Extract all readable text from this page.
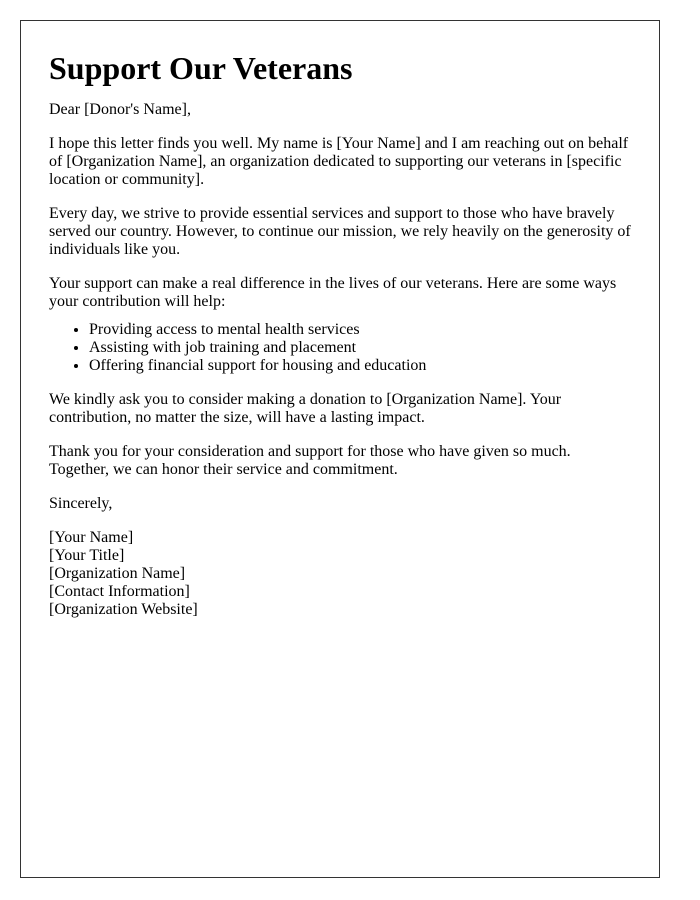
Support Our Veterans

Dear [Donor's Name],

I hope this letter finds you well. My name is [Your Name] and I am reaching out on behalf of [Organization Name], an organization dedicated to supporting our veterans in [specific location or community].

Every day, we strive to provide essential services and support to those who have bravely served our country. However, to continue our mission, we rely heavily on the generosity of individuals like you.

Your support can make a real difference in the lives of our veterans. Here are some ways your contribution will help:

• Providing access to mental health services
• Assisting with job training and placement
• Offering financial support for housing and education

We kindly ask you to consider making a donation to [Organization Name]. Your contribution, no matter the size, will have a lasting impact.

Thank you for your consideration and support for those who have given so much. Together, we can honor their service and commitment.

Sincerely,

[Your Name]
[Your Title]
[Organization Name]
[Contact Information]
[Organization Website]
